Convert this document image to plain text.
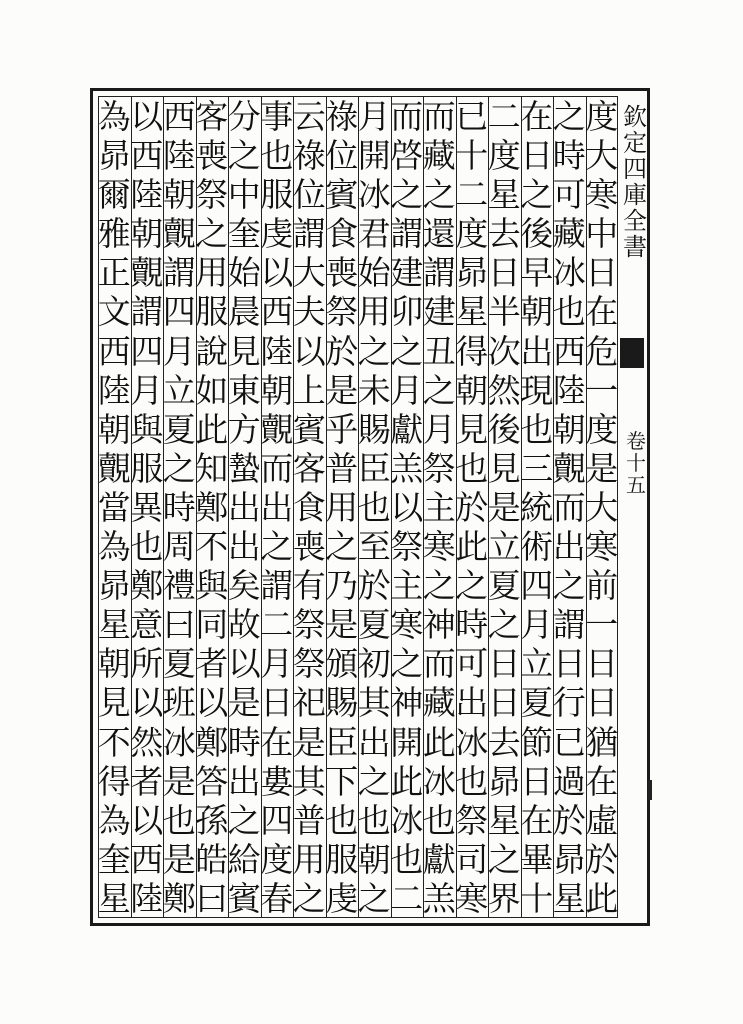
欽
定
四
庫
全
書
卷
十
五
度
大
寒
中
日
在
危
一
度
是
大
寒
前
一
日
日
猶
在
虛
於
此
之
時
可
藏
冰
也
西
陸
朝
覿
而
出
之
謂
日
行
已
過
於
昴
星
在
日
之
後
早
朝
出
現
也
三
統
術
四
月
立
夏
節
日
在
畢
十
二
度
星
去
日
半
次
然
後
見
是
立
夏
之
日
日
去
昴
星
之
界
已
十
二
度
昴
星
得
朝
見
也
於
此
之
時
可
出
冰
也
祭
司
寒
而
藏
之
還
謂
建
丑
之
月
祭
主
寒
之
神
而
藏
此
冰
也
獻
羔
而
啓
之
謂
建
卯
之
月
獻
羔
以
祭
主
寒
之
神
開
此
冰
也
二
月
開
冰
君
始
用
之
未
賜
臣
也
至
於
夏
初
其
出
之
也
朝
之
祿
位
賓
食
喪
祭
於
是
乎
普
用
之
乃
是
頒
賜
臣
下
也
服
虔
云
祿
位
謂
大
夫
以
上
賓
客
食
喪
有
祭
祭
祀
是
其
普
用
之
事
也
服
虔
以
西
陸
朝
覿
而
出
之
謂
二
月
日
在
婁
四
度
春
分
之
中
奎
始
晨
見
東
方
蟄
出
出
矣
故
以
是
時
出
之
給
賓
客
喪
祭
之
用
服
說
如
此
知
鄭
不
與
同
者
以
鄭
答
孫
皓
曰
西
陸
朝
覿
謂
四
月
立
夏
之
時
周
禮
曰
夏
班
冰
是
也
是
鄭
以
西
陸
朝
覿
謂
四
月
與
服
異
也
鄭
意
所
以
然
者
以
西
陸
為
昴
爾
雅
正
文
西
陸
朝
覿
當
為
昴
星
朝
見
不
得
為
奎
星
